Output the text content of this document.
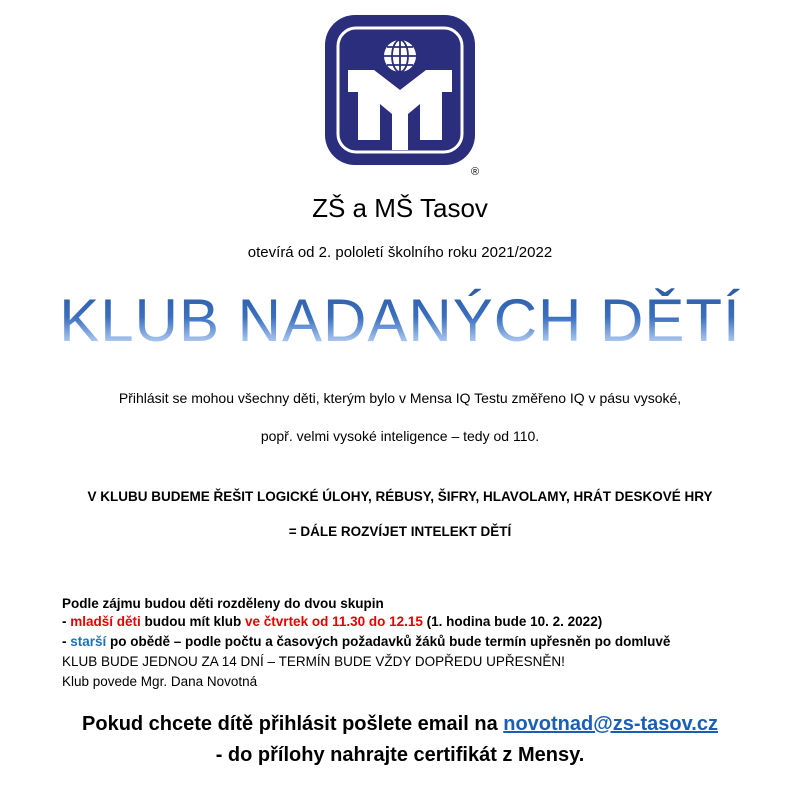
®
ZŠ a MŠ Tasov
otevírá od 2. pololetí školního roku 2021/2022
KLUB NADANÝCH DĚTÍ
Přihlásit se mohou všechny děti, kterým bylo v Mensa IQ Testu změřeno IQ v pásu vysoké,
popř. velmi vysoké inteligence – tedy od 110.
V KLUBU BUDEME ŘEŠIT LOGICKÉ ÚLOHY, RÉBUSY, ŠIFRY, HLAVOLAMY, HRÁT DESKOVÉ HRY
= DÁLE ROZVÍJET INTELEKT DĚTÍ
Podle zájmu budou děti rozděleny do dvou skupin
- mladší děti budou mít klub ve čtvrtek od 11.30 do 12.15 (1. hodina bude 10. 2. 2022)
- starší po obědě – podle počtu a časových požadavků žáků bude termín upřesněn po domluvě
KLUB BUDE JEDNOU ZA 14 DNÍ – TERMÍN BUDE VŽDY DOPŘEDU UPŘESNĚN!
Klub povede Mgr. Dana Novotná
Pokud chcete dítě přihlásit pošlete email na novotnad@zs-tasov.cz
- do přílohy nahrajte certifikát z Mensy.
